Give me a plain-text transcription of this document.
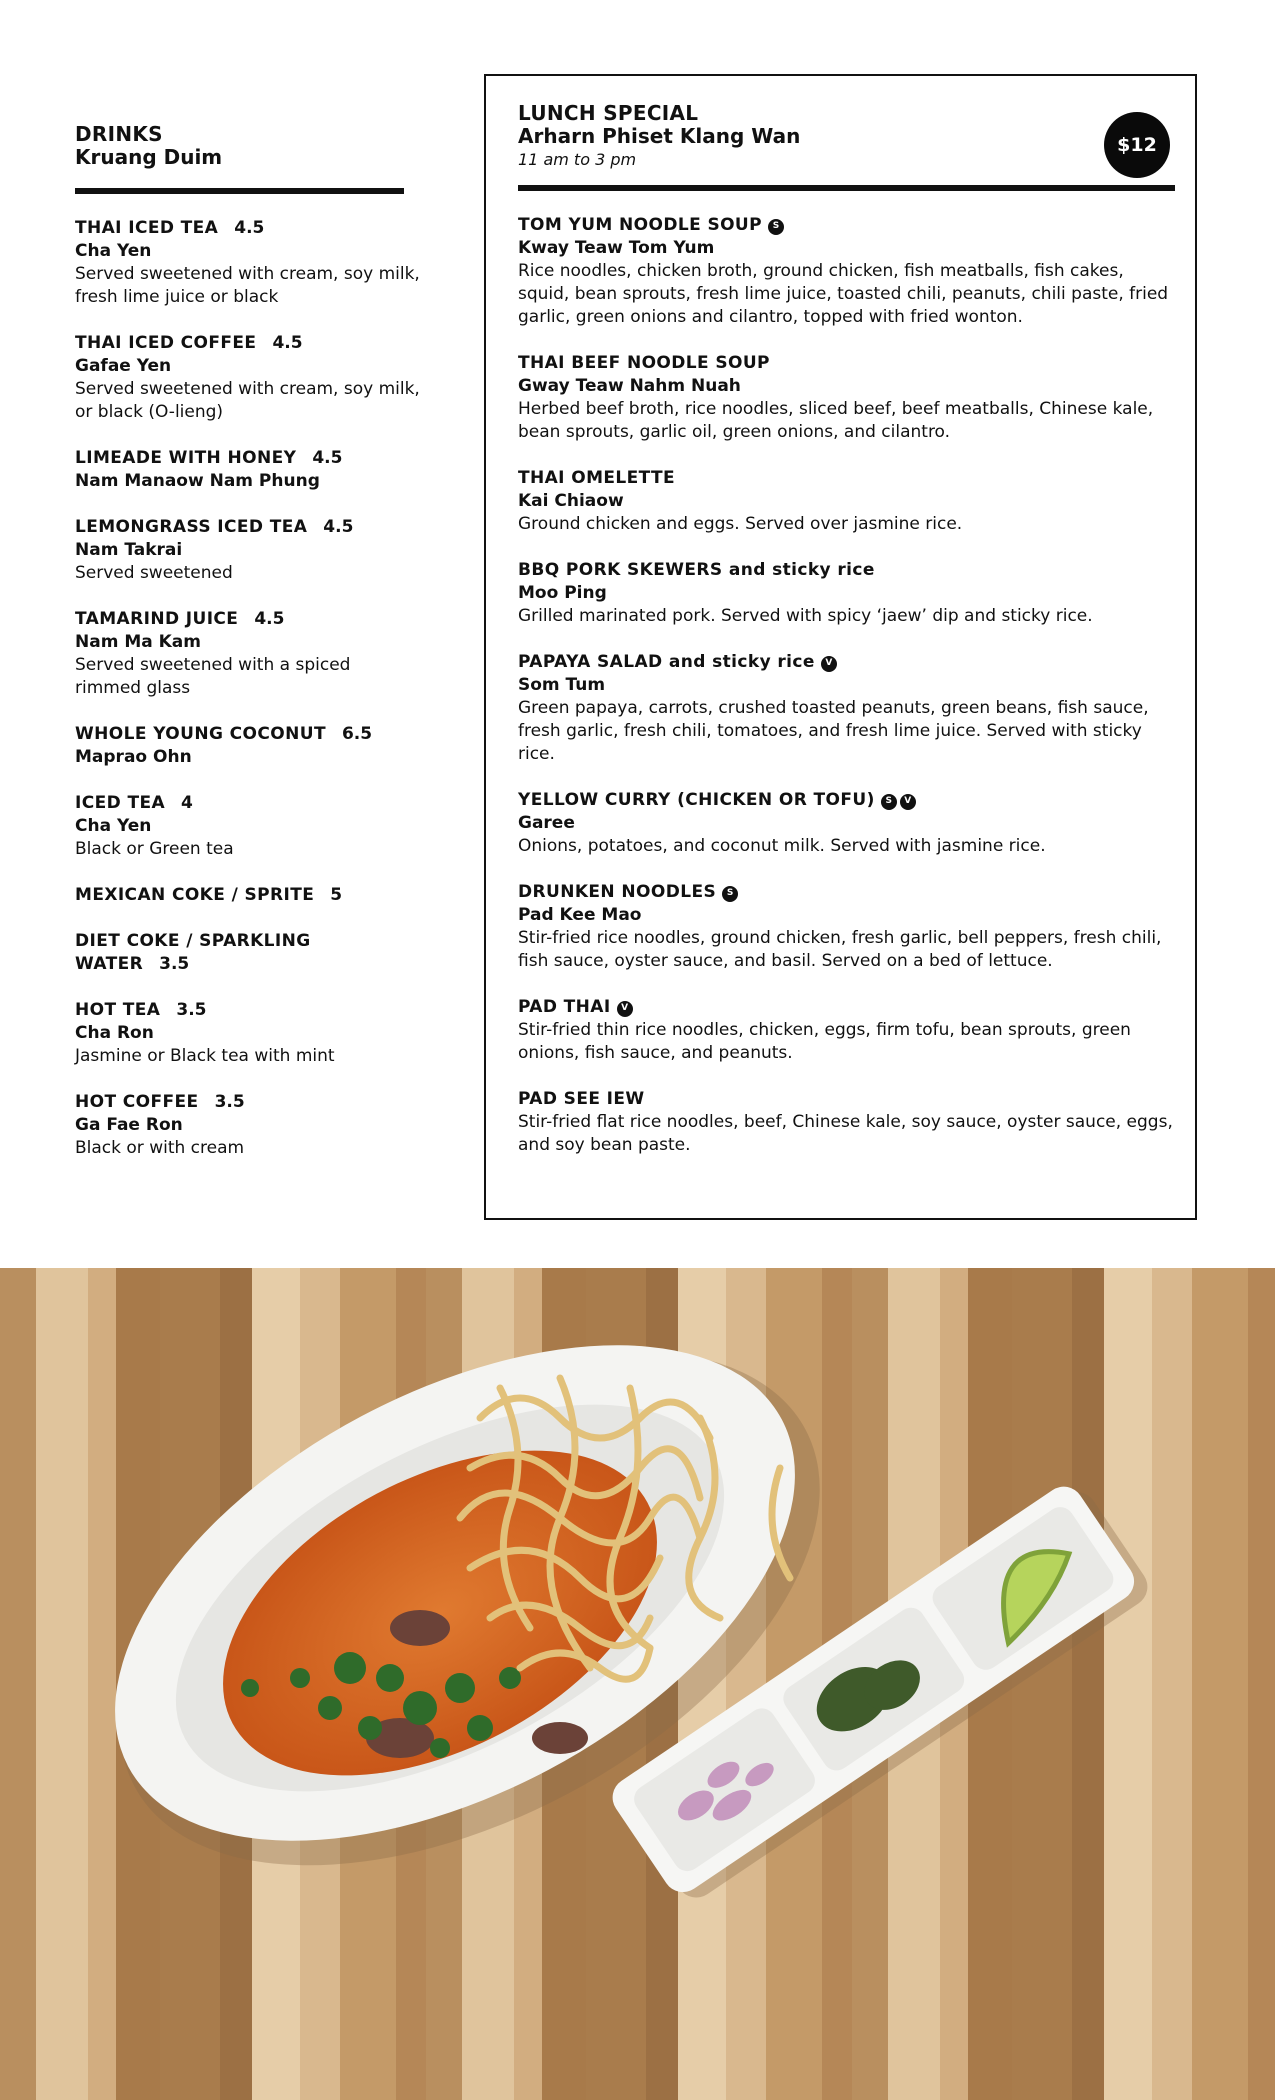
DRINKS
Kruang Duim
THAI ICED TEA 4.5
Cha Yen
Served sweetened with cream, soy milk, fresh lime juice or black
THAI ICED COFFEE 4.5
Gafae Yen
Served sweetened with cream, soy milk, or black (O-lieng)
LIMEADE WITH HONEY 4.5
Nam Manaow Nam Phung
LEMONGRASS ICED TEA 4.5
Nam Takrai
Served sweetened
TAMARIND JUICE 4.5
Nam Ma Kam
Served sweetened with a spiced rimmed glass
WHOLE YOUNG COCONUT 6.5
Maprao Ohn
ICED TEA 4
Cha Yen
Black or Green tea
MEXICAN COKE / SPRITE 5
DIET COKE / SPARKLING WATER 3.5
HOT TEA 3.5
Cha Ron
Jasmine or Black tea with mint
HOT COFFEE 3.5
Ga Fae Ron
Black or with cream
$12
LUNCH SPECIAL
Arharn Phiset Klang Wan
11 am to 3 pm
TOM YUM NOODLE SOUP S
Kway Teaw Tom Yum
Rice noodles, chicken broth, ground chicken, fish meatballs, fish cakes, squid, bean sprouts, fresh lime juice, toasted chili, peanuts, chili paste, fried garlic, green onions and cilantro, topped with fried wonton.
THAI BEEF NOODLE SOUP
Gway Teaw Nahm Nuah
Herbed beef broth, rice noodles, sliced beef, beef meatballs, Chinese kale, bean sprouts, garlic oil, green onions, and cilantro.
THAI OMELETTE
Kai Chiaow
Ground chicken and eggs. Served over jasmine rice.
BBQ PORK SKEWERS and sticky rice
Moo Ping
Grilled marinated pork. Served with spicy ‘jaew’ dip and sticky rice.
PAPAYA SALAD and sticky rice V
Som Tum
Green papaya, carrots, crushed toasted peanuts, green beans, fish sauce, fresh garlic, fresh chili, tomatoes, and fresh lime juice. Served with sticky rice.
YELLOW CURRY (CHICKEN OR TOFU) S V
Garee
Onions, potatoes, and coconut milk. Served with jasmine rice.
DRUNKEN NOODLES S
Pad Kee Mao
Stir-fried rice noodles, ground chicken, fresh garlic, bell peppers, fresh chili, fish sauce, oyster sauce, and basil. Served on a bed of lettuce.
PAD THAI V
Stir-fried thin rice noodles, chicken, eggs, firm tofu, bean sprouts, green onions, fish sauce, and peanuts.
PAD SEE IEW
Stir-fried flat rice noodles, beef, Chinese kale, soy sauce, oyster sauce, eggs, and soy bean paste.
